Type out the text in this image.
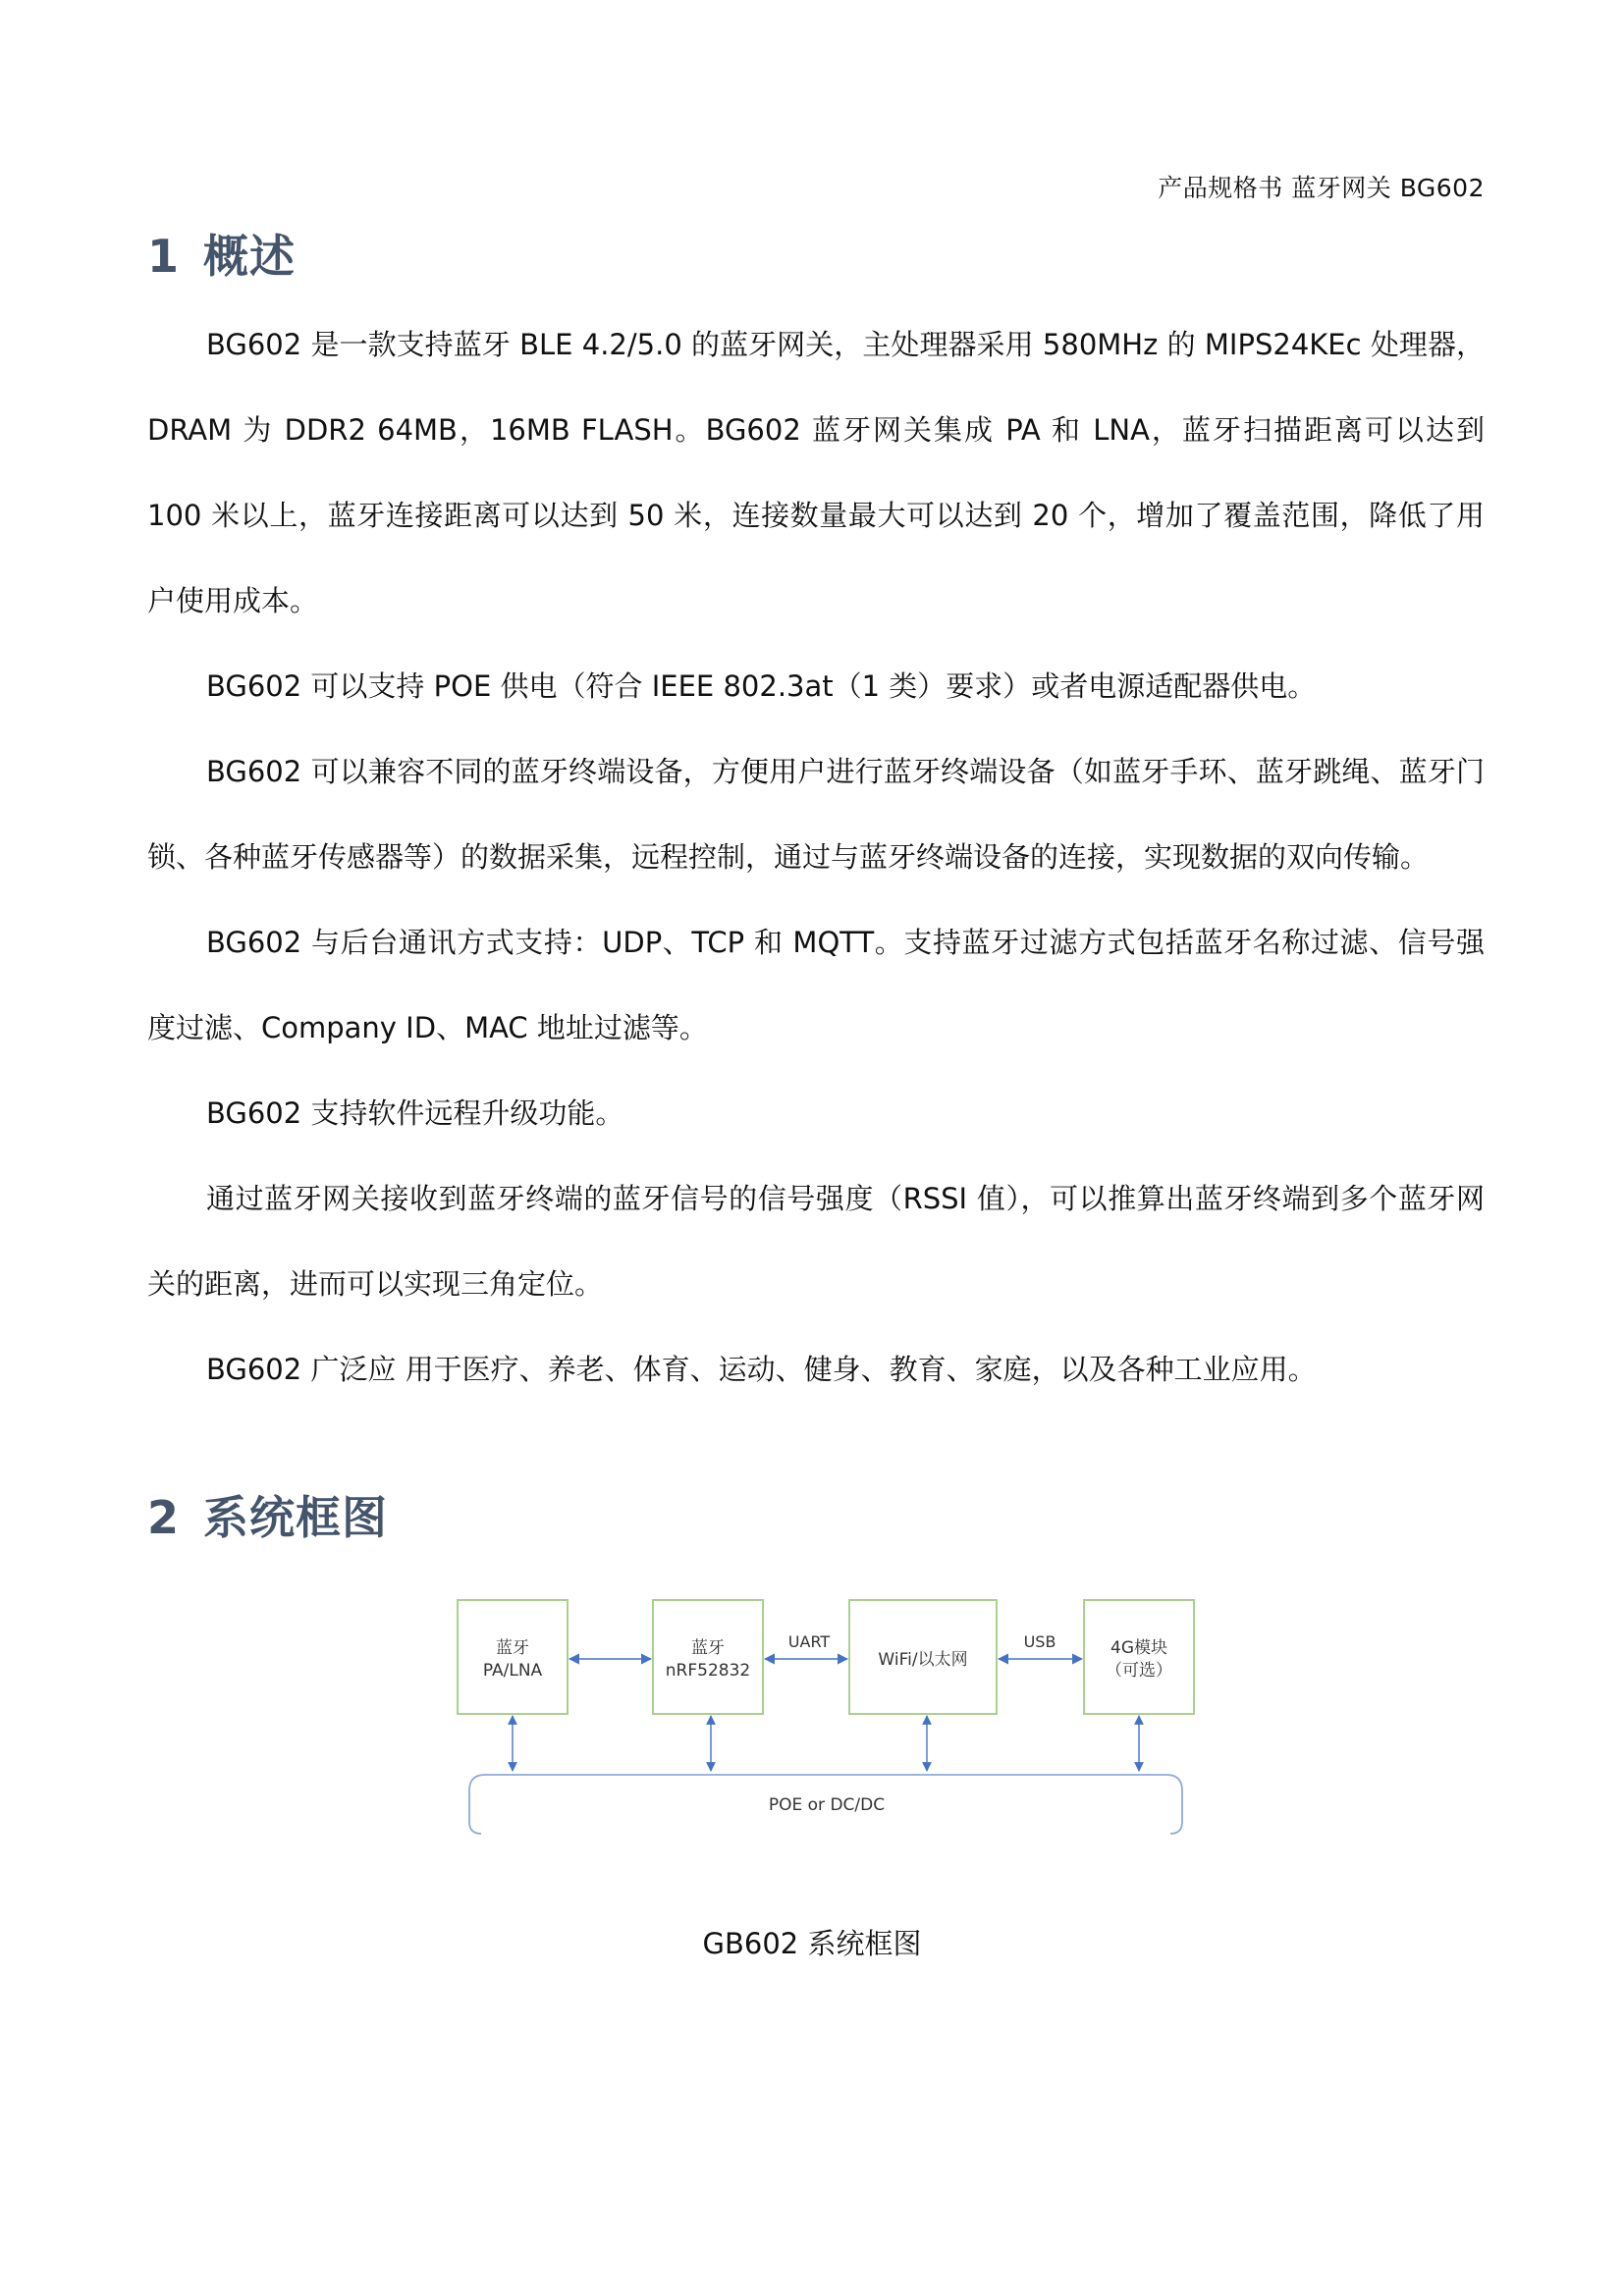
产品规格书 蓝牙网关 BG602
1 概述

BG602 是一款支持蓝牙 BLE 4.2/5.0 的蓝牙网关，主处理器采用 580MHz 的 MIPS24KEc 处理器，DRAM 为 DDR2 64MB，16MB FLASH。BG602 蓝牙网关集成 PA 和 LNA，蓝牙扫描距离可以达到 100 米以上，蓝牙连接距离可以达到 50 米，连接数量最大可以达到 20 个，增加了覆盖范围，降低了用户使用成本。

BG602 可以支持 POE 供电（符合 IEEE 802.3at（1 类）要求）或者电源适配器供电。

BG602 可以兼容不同的蓝牙终端设备，方便用户进行蓝牙终端设备（如蓝牙手环、蓝牙跳绳、蓝牙门锁、各种蓝牙传感器等）的数据采集，远程控制，通过与蓝牙终端设备的连接，实现数据的双向传输。

BG602 与后台通讯方式支持：UDP、TCP 和 MQTT。支持蓝牙过滤方式包括蓝牙名称过滤、信号强度过滤、Company ID、MAC 地址过滤等。

BG602 支持软件远程升级功能。

通过蓝牙网关接收到蓝牙终端的蓝牙信号的信号强度（RSSI 值），可以推算出蓝牙终端到多个蓝牙网关的距离，进而可以实现三角定位。

BG602 广泛应 用于医疗、养老、体育、运动、健身、教育、家庭，以及各种工业应用。

2 系统框图
蓝牙
PA/LNA
蓝牙
nRF52832
WiFi/以太网
4G模块
（可选）
UART	USB
POE or DC/DC
GB602 系统框图
